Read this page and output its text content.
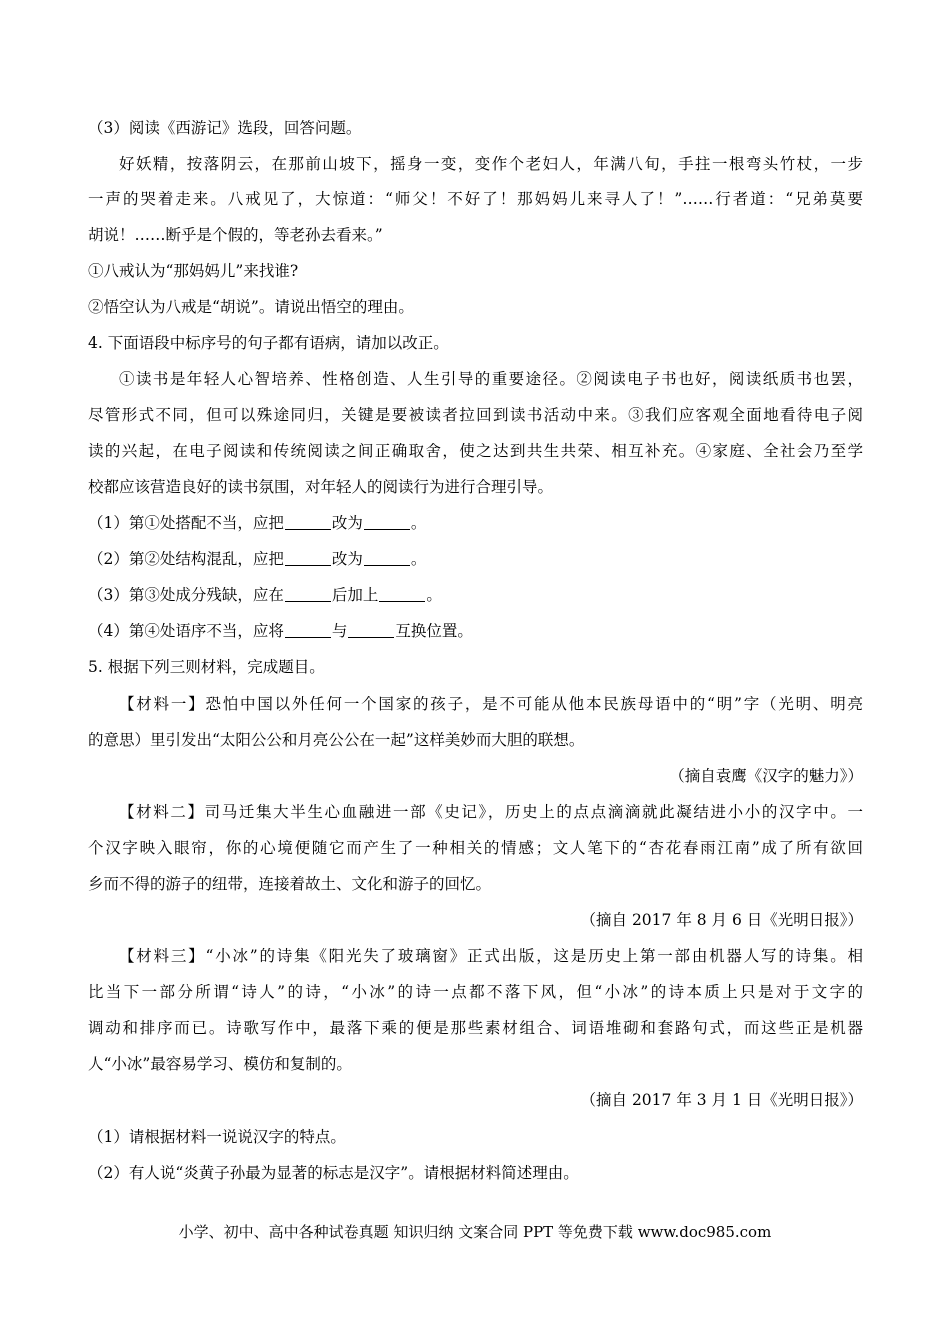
（3）阅读《西游记》选段，回答问题。
好妖精，按落阴云，在那前山坡下，摇身一变，变作个老妇人，年满八旬，手拄一根弯头竹杖，一步
一声的哭着走来。八戒见了，大惊道：“师父！不好了！那妈妈儿来寻人了！”……行者道：“兄弟莫要
胡说！……断乎是个假的，等老孙去看来。”
①八戒认为“那妈妈儿”来找谁?
②悟空认为八戒是“胡说”。请说出悟空的理由。
4. 下面语段中标序号的句子都有语病，请加以改正。
①读书是年轻人心智培养、性格创造、人生引导的重要途径。②阅读电子书也好，阅读纸质书也罢，
尽管形式不同，但可以殊途同归，关键是要被读者拉回到读书活动中来。③我们应客观全面地看待电子阅
读的兴起，在电子阅读和传统阅读之间正确取舍，使之达到共生共荣、相互补充。④家庭、全社会乃至学
校都应该营造良好的读书氛围，对年轻人的阅读行为进行合理引导。
（1）第①处搭配不当，应把	改为	。
（2）第②处结构混乱，应把	改为	。
（3）第③处成分残缺，应在	后加上	。
（4）第④处语序不当，应将	与	互换位置。
5. 根据下列三则材料，完成题目。
【材料一】恐怕中国以外任何一个国家的孩子，是不可能从他本民族母语中的“明”字（光明、明亮
的意思）里引发出“太阳公公和月亮公公在一起”这样美妙而大胆的联想。
（摘自袁鹰《汉字的魅力》）
【材料二】司马迁集大半生心血融进一部《史记》，历史上的点点滴滴就此凝结进小小的汉字中。一
个汉字映入眼帘，你的心境便随它而产生了一种相关的情感；文人笔下的“杏花春雨江南”成了所有欲回
乡而不得的游子的纽带，连接着故土、文化和游子的回忆。
（摘自 2017 年 8 月 6 日《光明日报》）
【材料三】“小冰”的诗集《阳光失了玻璃窗》正式出版，这是历史上第一部由机器人写的诗集。相
比当下一部分所谓“诗人”的诗，“小冰”的诗一点都不落下风，但“小冰”的诗本质上只是对于文字的
调动和排序而已。诗歌写作中，最落下乘的便是那些素材组合、词语堆砌和套路句式，而这些正是机器
人“小冰”最容易学习、模仿和复制的。
（摘自 2017 年 3 月 1 日《光明日报》）
（1）请根据材料一说说汉字的特点。
（2）有人说“炎黄子孙最为显著的标志是汉字”。请根据材料简述理由。
小学、初中、高中各种试卷真题 知识归纳 文案合同 PPT 等免费下载 www.doc985.com
